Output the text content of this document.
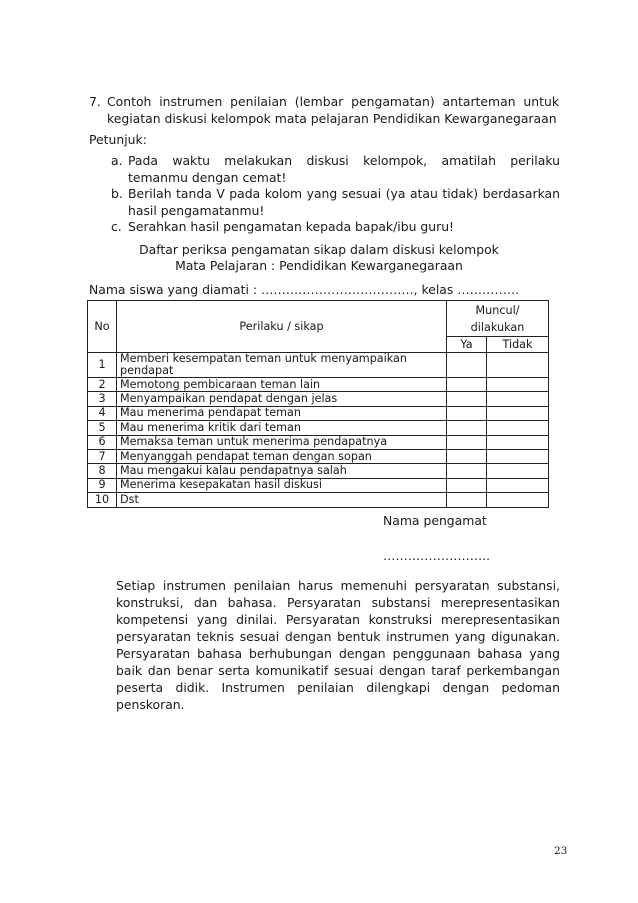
7. Contoh instrumen penilaian (lembar pengamatan) antarteman untuk kegiatan diskusi kelompok mata pelajaran Pendidikan Kewarganegaraan
Petunjuk:
a. Pada waktu melakukan diskusi kelompok, amatilah perilaku temanmu dengan cemat!
b. Berilah tanda V pada kolom yang sesuai (ya atau tidak) berdasarkan hasil pengamatanmu!
c. Serahkan hasil pengamatan kepada bapak/ibu guru!
Daftar periksa pengamatan sikap dalam diskusi kelompok
Mata Pelajaran : Pendidikan Kewarganegaraan
Nama siswa yang diamati : ………………………………., kelas ……………
No	Perilaku / sikap	Muncul/
dilakukan	
		Ya	Tidak
1	Memberi kesempatan teman untuk menyampaikan pendapat		
2	Memotong pembicaraan teman lain		
3	Menyampaikan pendapat dengan jelas		
4	Mau menerima pendapat teman		
5	Mau menerima kritik dari teman		
6	Memaksa teman untuk menerima pendapatnya		
7	Menyanggah pendapat teman dengan sopan		
8	Mau mengakui kalau pendapatnya salah		
9	Menerima kesepakatan hasil diskusi		
10	Dst		
Nama pengamat
……………………..
Setiap instrumen penilaian harus memenuhi persyaratan substansi, konstruksi, dan bahasa. Persyaratan substansi merepresentasikan kompetensi yang dinilai. Persyaratan konstruksi merepresentasikan persyaratan teknis sesuai dengan bentuk instrumen yang digunakan. Persyaratan bahasa berhubungan dengan penggunaan bahasa yang baik dan benar serta komunikatif sesuai dengan taraf perkembangan peserta didik. Instrumen penilaian dilengkapi dengan pedoman penskoran.
23
